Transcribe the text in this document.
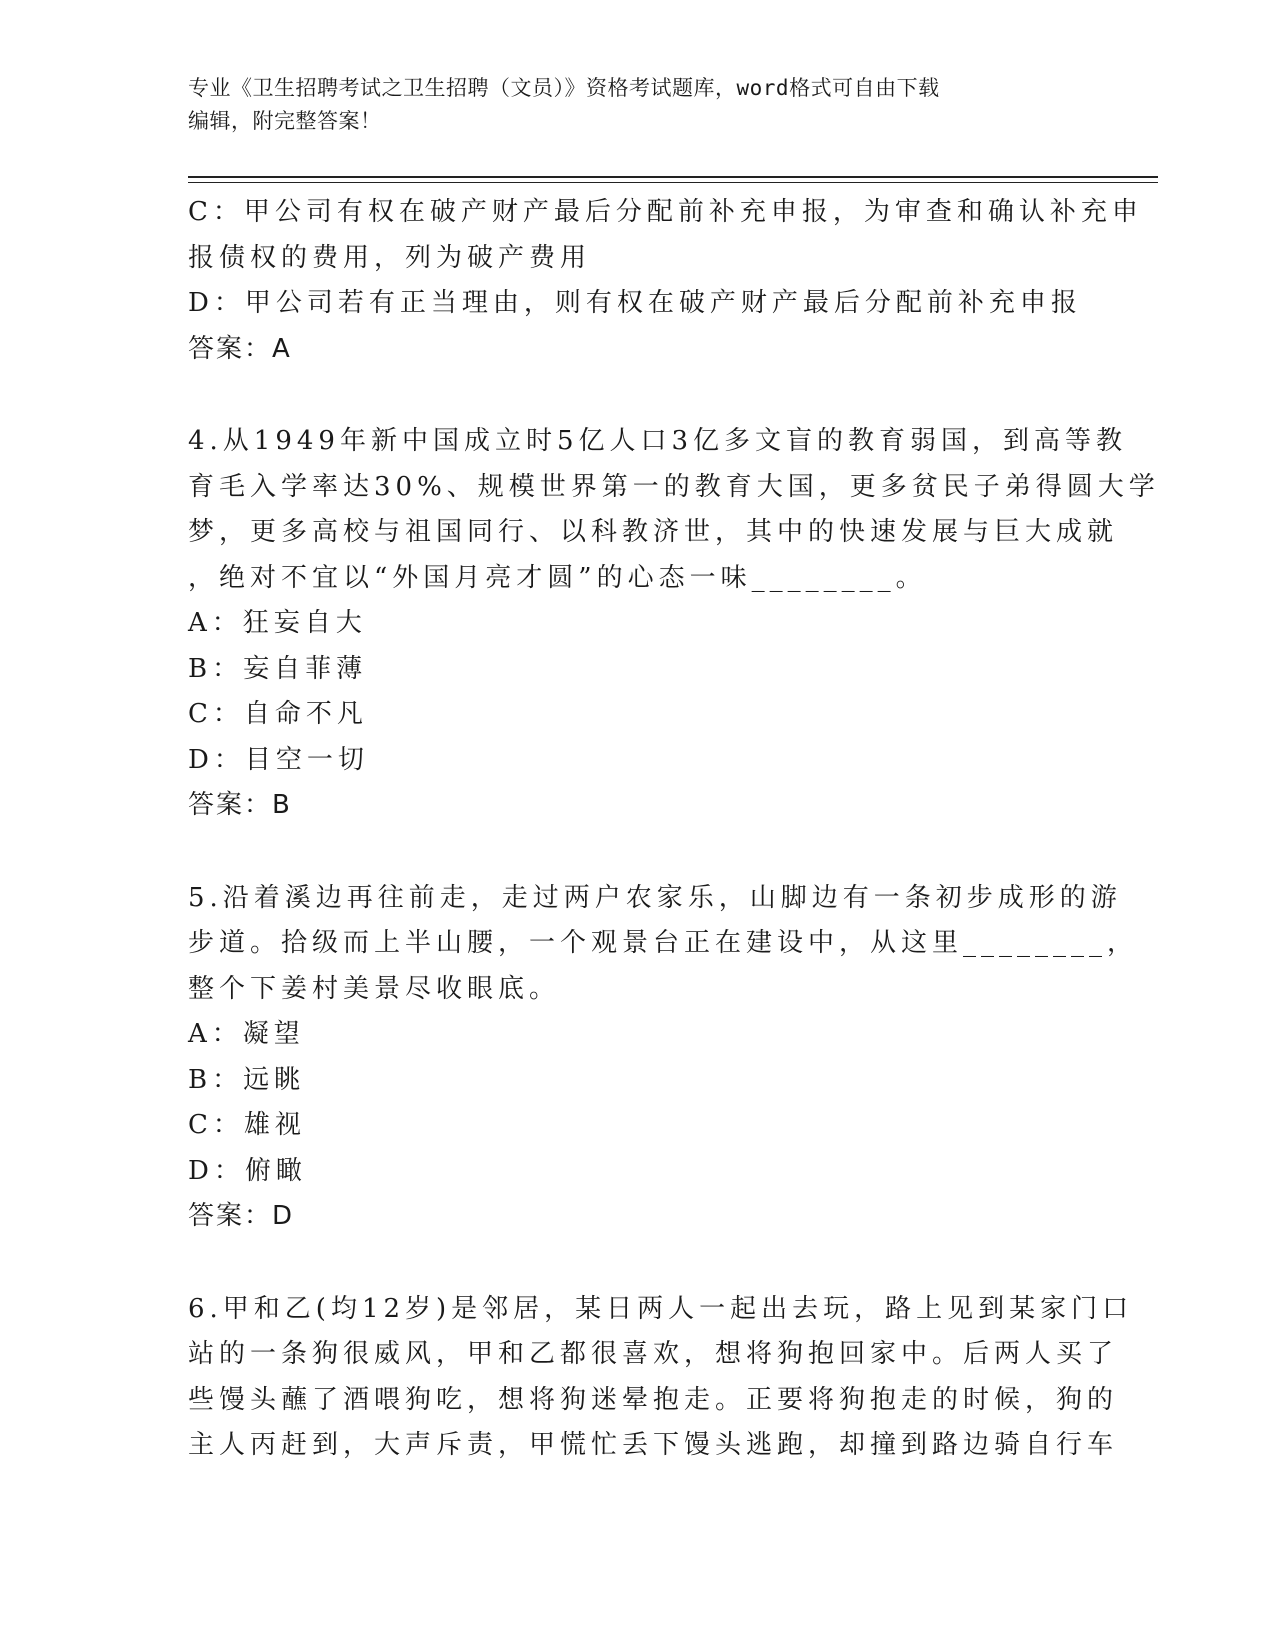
专业《卫生招聘考试之卫生招聘（文员）》资格考试题库，word格式可自由下载
编辑，附完整答案！
C：甲公司有权在破产财产最后分配前补充申报，为审查和确认补充申
报债权的费用，列为破产费用
D：甲公司若有正当理由，则有权在破产财产最后分配前补充申报
答案：A
4.从1949年新中国成立时5亿人口3亿多文盲的教育弱国，到高等教
育毛入学率达30%、规模世界第一的教育大国，更多贫民子弟得圆大学
梦，更多高校与祖国同行、以科教济世，其中的快速发展与巨大成就
，绝对不宜以“外国月亮才圆”的心态一味________。
A：狂妄自大
B：妄自菲薄
C：自命不凡
D：目空一切
答案：B
5.沿着溪边再往前走，走过两户农家乐，山脚边有一条初步成形的游
步道。拾级而上半山腰，一个观景台正在建设中，从这里________，
整个下姜村美景尽收眼底。
A：凝望
B：远眺
C：雄视
D：俯瞰
答案：D
6.甲和乙(均12岁)是邻居，某日两人一起出去玩，路上见到某家门口
站的一条狗很威风，甲和乙都很喜欢，想将狗抱回家中。后两人买了
些馒头蘸了酒喂狗吃，想将狗迷晕抱走。正要将狗抱走的时候，狗的
主人丙赶到，大声斥责，甲慌忙丢下馒头逃跑，却撞到路边骑自行车
